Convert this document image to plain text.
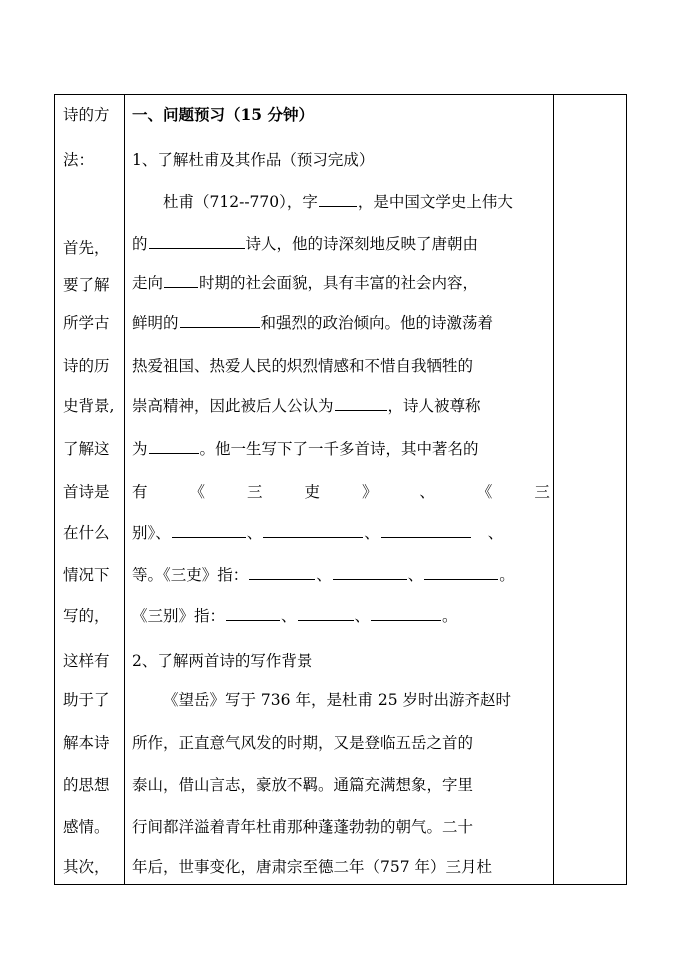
诗的方
法：
首先，
要了解
所学古
诗的历
史背景,
了解这
首诗是
在什么
情况下
写的，
这样有
助于了
解本诗
的思想
感情。
其次，
一、问题预习（15 分钟）
1、了解杜甫及其作品（预习完成）
杜甫（712--770），字	，是中国文学史上伟大
的	诗人，他的诗深刻地反映了唐朝由
走向 时期的社会面貌，具有丰富的社会内容，
鲜明的	和强烈的政治倾向。他的诗激荡着
热爱祖国、热爱人民的炽烈情感和不惜自我牺牲的
崇高精神，因此被后人公认为	，诗人被尊称
为	。他一生写下了一千多首诗，其中著名的
有	《	三	吏	》	、	《	三
别》、	、	、	、
等。《三吏》指：	、	、	。
《三别》指：	、	、	。
2、了解两首诗的写作背景
《望岳》写于 736 年，是杜甫 25 岁时出游齐赵时
所作，正直意气风发的时期，又是登临五岳之首的
泰山，借山言志，豪放不羁。通篇充满想象，字里
行间都洋溢着青年杜甫那种蓬蓬勃勃的朝气。二十
年后，世事变化，唐肃宗至德二年（757 年）三月杜
